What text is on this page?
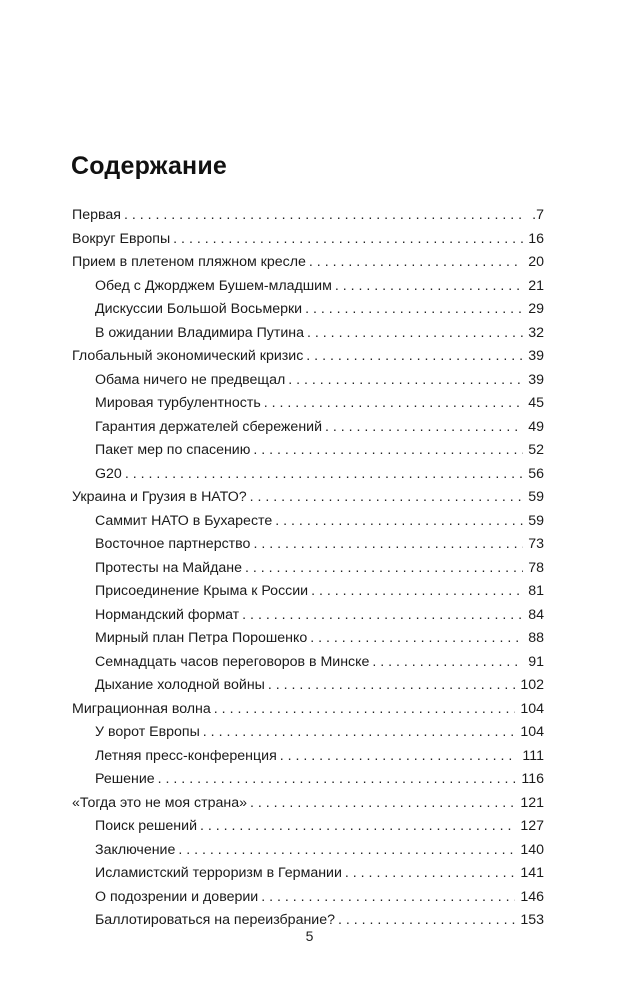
Содержание
Первая . . .	.7
Вокруг Европы . . .	16
Прием в плетеном пляжном кресле . . .	20
Обед с Джорджем Бушем-младшим . . .	21
Дискуссии Большой Восьмерки . . .	29
В ожидании Владимира Путина . . .	32
Глобальный экономический кризис . . .	39
Обама ничего не предвещал . . .	39
Мировая турбулентность . . .	45
Гарантия держателей сбережений . . .	49
Пакет мер по спасению . . .	52
G20 . . .	56
Украина и Грузия в НАТО? . . .	59
Саммит НАТО в Бухаресте . . .	59
Восточное партнерство . . .	73
Протесты на Майдане . . .	78
Присоединение Крыма к России . . .	81
Нормандский формат . . .	84
Мирный план Петра Порошенко . . .	88
Семнадцать часов переговоров в Минске . . .	91
Дыхание холодной войны . . .	102
Миграционная волна . . .	104
У ворот Европы . . .	104
Летняя пресс-конференция . . .	111
Решение . . .	116
«Тогда это не моя страна» . . .	121
Поиск решений . . .	127
Заключение . . .	140
Исламистский терроризм в Германии . . .	141
О подозрении и доверии . . .	146
Баллотироваться на переизбрание? . . .	153
5
